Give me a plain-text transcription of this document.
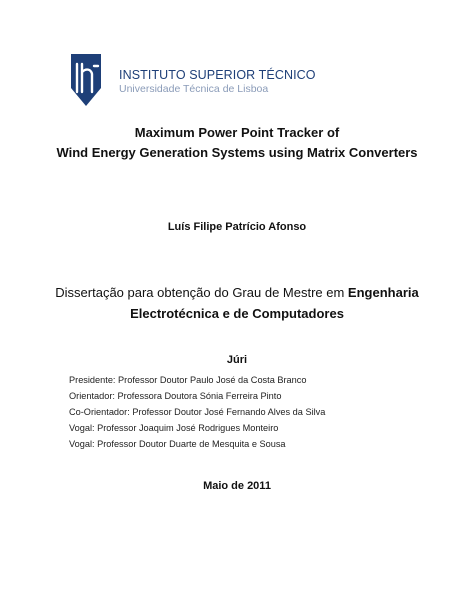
INSTITUTO SUPERIOR TÉCNICO
Universidade Técnica de Lisboa
Maximum Power Point Tracker of
Wind Energy Generation Systems using Matrix Converters
Luís Filipe Patrício Afonso
Dissertação para obtenção do Grau de Mestre em Engenharia
Electrotécnica e de Computadores
Júri
Presidente: Professor Doutor Paulo José da Costa Branco
Orientador: Professora Doutora Sónia Ferreira Pinto
Co-Orientador: Professor Doutor José Fernando Alves da Silva
Vogal: Professor Joaquim José Rodrigues Monteiro
Vogal: Professor Doutor Duarte de Mesquita e Sousa
Maio de 2011
